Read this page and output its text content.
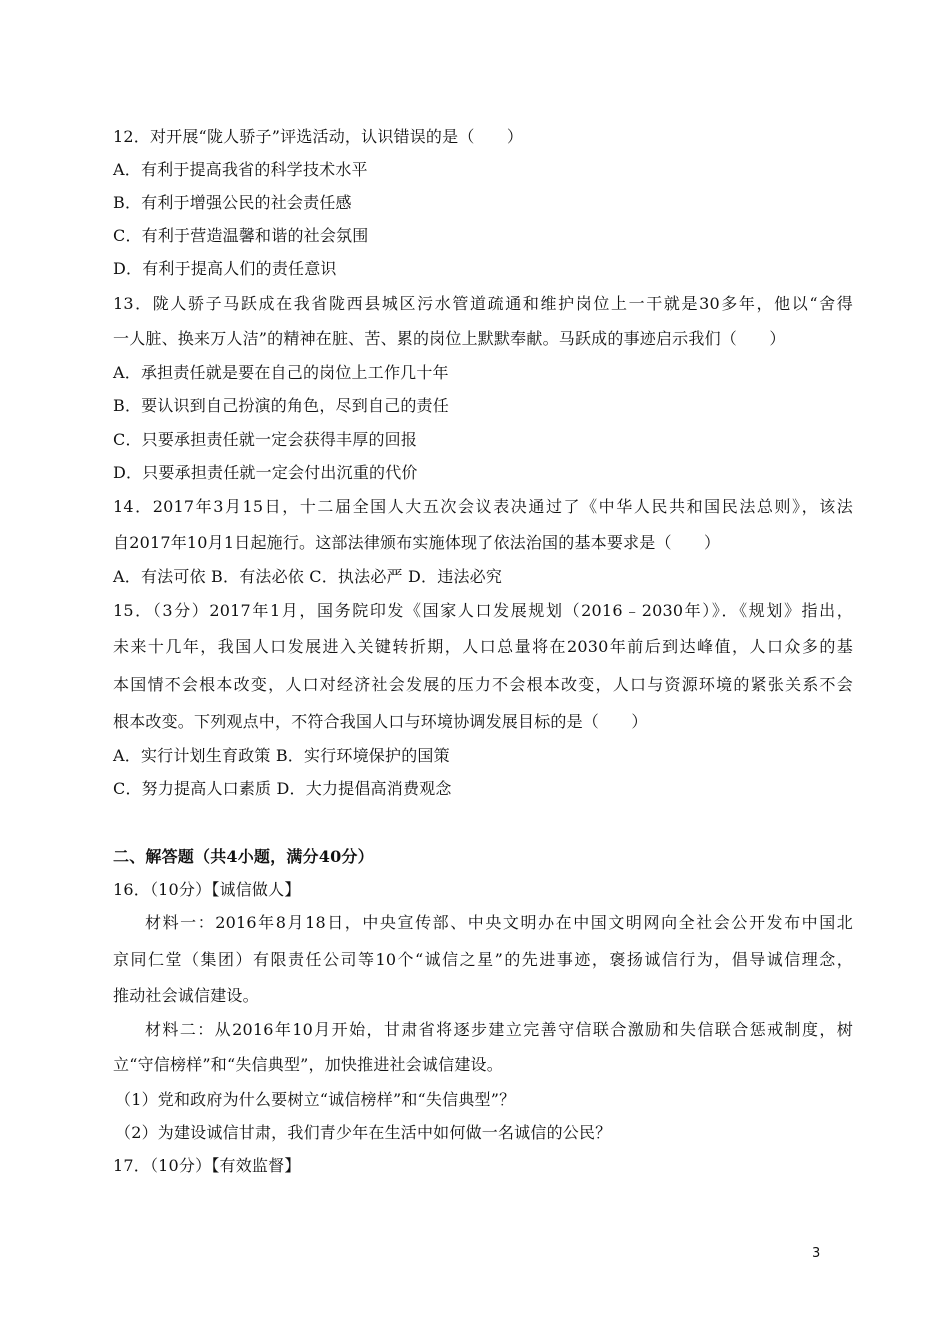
12．对开展“陇人骄子”评选活动，认识错误的是（　　）
A．有利于提高我省的科学技术水平
B．有利于增强公民的社会责任感
C．有利于营造温馨和谐的社会氛围
D．有利于提高人们的责任意识
13．陇人骄子马跃成在我省陇西县城区污水管道疏通和维护岗位上一干就是30多年，他以“舍得
一人脏、换来万人洁”的精神在脏、苦、累的岗位上默默奉献。马跃成的事迹启示我们（　　）
A．承担责任就是要在自己的岗位上工作几十年
B．要认识到自己扮演的角色，尽到自己的责任
C．只要承担责任就一定会获得丰厚的回报
D．只要承担责任就一定会付出沉重的代价
14．2017年3月15日，十二届全国人大五次会议表决通过了《中华人民共和国民法总则》，该法
自2017年10月1日起施行。这部法律颁布实施体现了依法治国的基本要求是（　　）
A．有法可依 B．有法必依 C．执法必严 D．违法必究
15．（3分）2017年1月，国务院印发《国家人口发展规划（2016﹣2030年）》．《规划》指出，
未来十几年，我国人口发展进入关键转折期，人口总量将在2030年前后到达峰值，人口众多的基
本国情不会根本改变，人口对经济社会发展的压力不会根本改变，人口与资源环境的紧张关系不会
根本改变。下列观点中，不符合我国人口与环境协调发展目标的是（　　）
A．实行计划生育政策 B．实行环境保护的国策
C．努力提高人口素质 D．大力提倡高消费观念
二、解答题（共4小题，满分40分）
16．（10分）【诚信做人】
材料一：2016年8月18日，中央宣传部、中央文明办在中国文明网向全社会公开发布中国北
京同仁堂（集团）有限责任公司等10个“诚信之星”的先进事迹，褒扬诚信行为，倡导诚信理念，
推动社会诚信建设。
材料二：从2016年10月开始，甘肃省将逐步建立完善守信联合激励和失信联合惩戒制度，树
立“守信榜样”和“失信典型”，加快推进社会诚信建设。
（1）党和政府为什么要树立“诚信榜样”和“失信典型”？
（2）为建设诚信甘肃，我们青少年在生活中如何做一名诚信的公民？
17．（10分）【有效监督】
3
